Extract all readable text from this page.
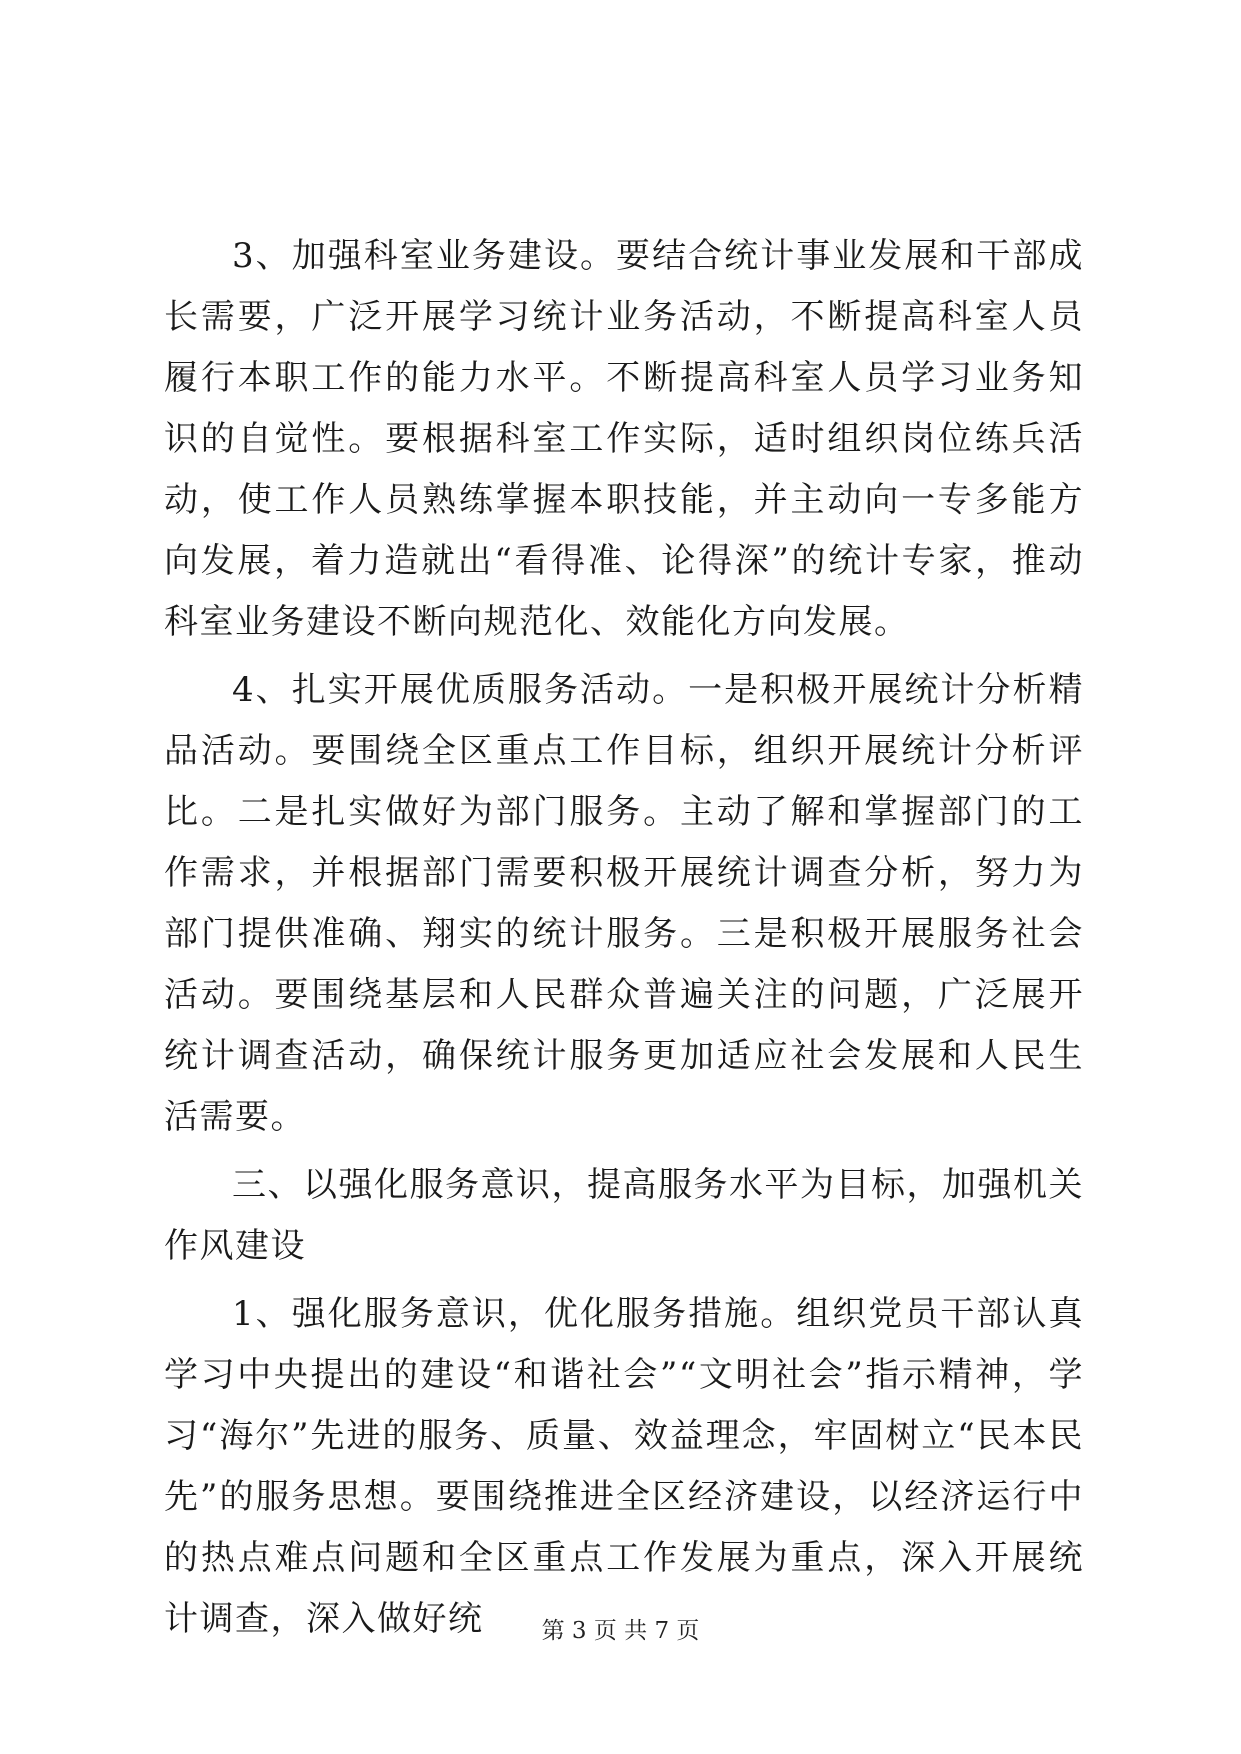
3、加强科室业务建设。要结合统计事业发展和干部成长需要，广泛开展学习统计业务活动，不断提高科室人员履行本职工作的能力水平。不断提高科室人员学习业务知识的自觉性。要根据科室工作实际，适时组织岗位练兵活动，使工作人员熟练掌握本职技能，并主动向一专多能方向发展，着力造就出“看得准、论得深”的统计专家，推动科室业务建设不断向规范化、效能化方向发展。

4、扎实开展优质服务活动。一是积极开展统计分析精品活动。要围绕全区重点工作目标，组织开展统计分析评比。二是扎实做好为部门服务。主动了解和掌握部门的工作需求，并根据部门需要积极开展统计调查分析，努力为部门提供准确、翔实的统计服务。三是积极开展服务社会活动。要围绕基层和人民群众普遍关注的问题，广泛展开统计调查活动，确保统计服务更加适应社会发展和人民生活需要。

三、以强化服务意识，提高服务水平为目标，加强机关作风建设

1、强化服务意识，优化服务措施。组织党员干部认真学习中央提出的建设“和谐社会”“文明社会”指示精神，学习“海尔”先进的服务、质量、效益理念，牢固树立“民本民先”的服务思想。要围绕推进全区经济建设，以经济运行中的热点难点问题和全区重点工作发展为重点，深入开展统计调查，深入做好统	第 3 页 共 7 页
